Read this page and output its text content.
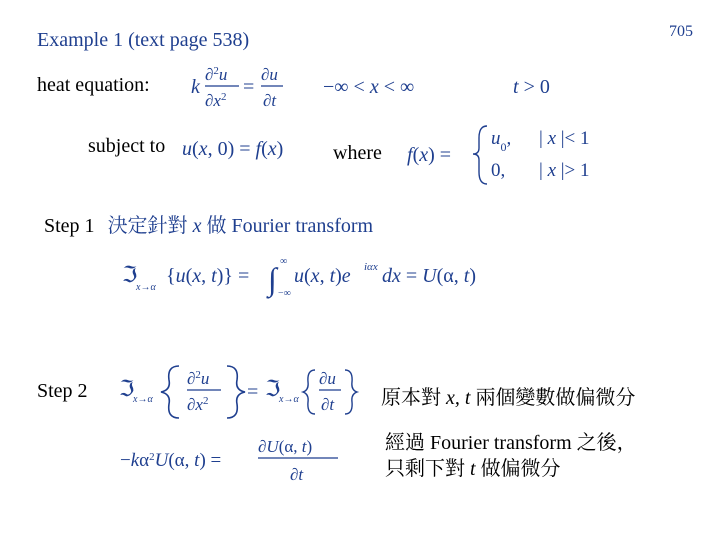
705
Example 1 (text page 538)
heat equation: k
∂$^2$u
$\partial x^2$ =
∂u
∂t
−∞ < x < ∞	t > 0
subject to u(x, 0) = f(x) where f(x) =
$u_0$, | x |< 1
0, | x |> 1
Step 1 決定針對 x 做 Fourier transform
ℑ
x→α
{u(x, t)} = ∫ ∞
−∞
u(x, t)e iαx dx = U(α, t)
Step 2 ℑ
x→α
∂$^2$u
$\partial x^2$ = ℑ
x→α
∂u
∂t
$-k\alpha^2U(\alpha$, t) =
∂U(α, t)
∂t
原本對 x, t 兩個變數做偏微分
經過 Fourier transform 之後，
只剩下對 t 做偏微分
